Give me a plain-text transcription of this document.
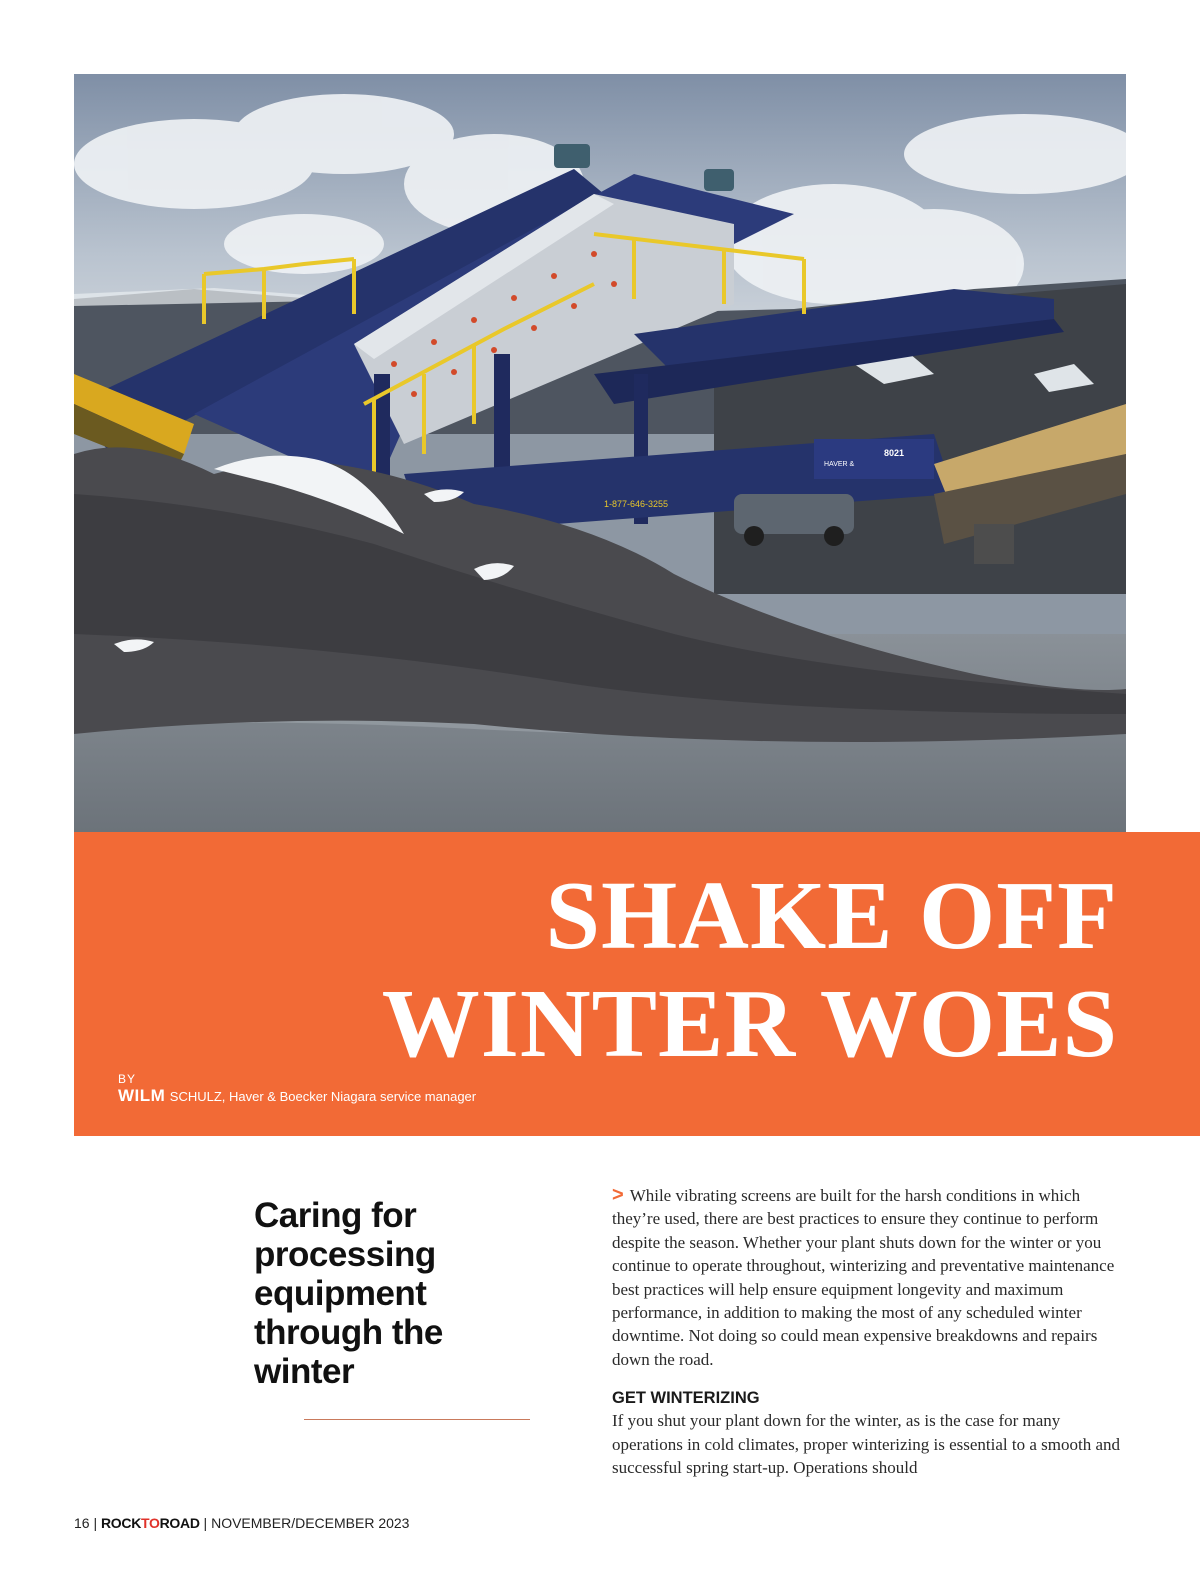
1-877-646-3255
8021
HAVER &
SHAKE OFF
WINTER WOES
BY
WILM SCHULZ, Haver & Boecker Niagara service manager
Caring for processing equipment through the winter

> While vibrating screens are built for the harsh conditions in which they’re used, there are best practices to ensure they continue to perform despite the season. Whether your plant shuts down for the winter or you continue to operate throughout, winterizing and preventative maintenance best practices will help ensure equipment longevity and maximum performance, in addition to making the most of any scheduled winter downtime. Not doing so could mean expensive breakdowns and repairs down the road.

GET WINTERIZING

If you shut your plant down for the winter, as is the case for many operations in cold climates, proper winterizing is essential to a smooth and successful spring start-up. Operations should

16 | ROCKTOROAD | NOVEMBER/DECEMBER 2023
